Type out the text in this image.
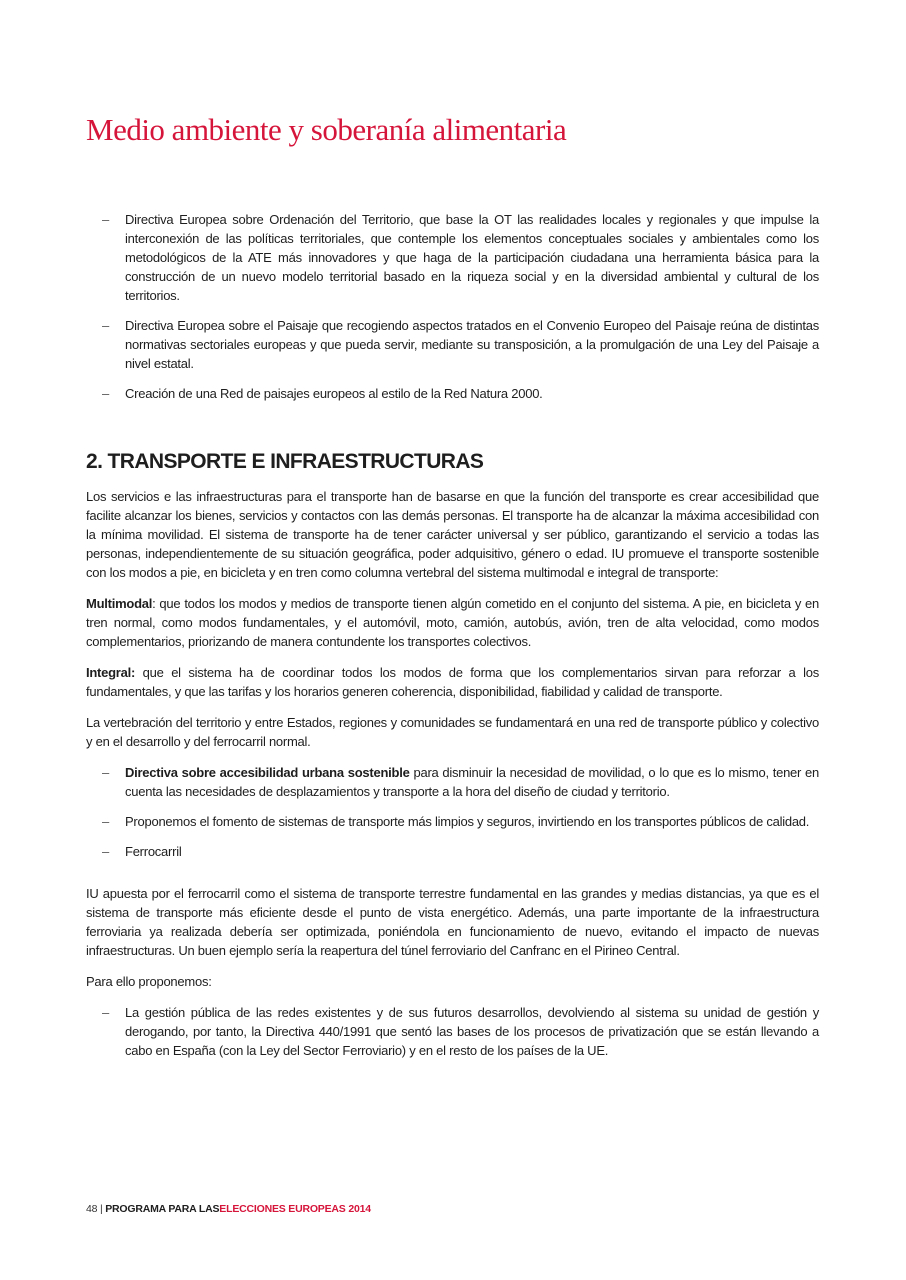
Medio ambiente y soberanía alimentaria
– Directiva Europea sobre Ordenación del Territorio, que base la OT las realidades locales y regionales y que impulse la interconexión de las políticas territoriales, que contemple los elementos conceptuales sociales y ambientales como los metodológicos de la ATE más innovadores y que haga de la participación ciudadana una herramienta básica para la construcción de un nuevo modelo territorial basado en la riqueza social y en la diversidad ambiental y cultural de los territorios.
– Directiva Europea sobre el Paisaje que recogiendo aspectos tratados en el Convenio Europeo del Paisaje reúna de distintas normativas sectoriales europeas y que pueda servir, mediante su transposición, a la promulgación de una Ley del Paisaje a nivel estatal.
– Creación de una Red de paisajes europeos al estilo de la Red Natura 2000.
2. TRANSPORTE E INFRAESTRUCTURAS

Los servicios e las infraestructuras para el transporte han de basarse en que la función del transporte es crear accesibilidad que facilite alcanzar los bienes, servicios y contactos con las demás personas. El transporte ha de alcanzar la máxima accesibilidad con la mínima movilidad. El sistema de transporte ha de tener carácter universal y ser público, garantizando el servicio a todas las personas, independientemente de su situación geográfica, poder adquisitivo, género o edad. IU promueve el transporte sostenible con los modos a pie, en bicicleta y en tren como columna vertebral del sistema multimodal e integral de transporte:

Multimodal: que todos los modos y medios de transporte tienen algún cometido en el conjunto del sistema. A pie, en bicicleta y en tren normal, como modos fundamentales, y el automóvil, moto, camión, autobús, avión, tren de alta velocidad, como modos complementarios, priorizando de manera contundente los transportes colectivos.

Integral: que el sistema ha de coordinar todos los modos de forma que los complementarios sirvan para reforzar a los fundamentales, y que las tarifas y los horarios generen coherencia, disponibilidad, fiabilidad y calidad de transporte.

La vertebración del territorio y entre Estados, regiones y comunidades se fundamentará en una red de transporte público y colectivo y en el desarrollo y del ferrocarril normal.

– Directiva sobre accesibilidad urbana sostenible para disminuir la necesidad de movilidad, o lo que es lo mismo, tener en cuenta las necesidades de desplazamientos y transporte a la hora del diseño de ciudad y territorio.
– Proponemos el fomento de sistemas de transporte más limpios y seguros, invirtiendo en los transportes públicos de calidad.
– Ferrocarril

IU apuesta por el ferrocarril como el sistema de transporte terrestre fundamental en las grandes y medias distancias, ya que es el sistema de transporte más eficiente desde el punto de vista energético. Además, una parte importante de la infraestructura ferroviaria ya realizada debería ser optimizada, poniéndola en funcionamiento de nuevo, evitando el impacto de nuevas infraestructuras. Un buen ejemplo sería la reapertura del túnel ferroviario del Canfranc en el Pirineo Central.

Para ello proponemos:

– La gestión pública de las redes existentes y de sus futuros desarrollos, devolviendo al sistema su unidad de gestión y derogando, por tanto, la Directiva 440/1991 que sentó las bases de los procesos de privatización que se están llevando a cabo en España (con la Ley del Sector Ferroviario) y en el resto de los países de la UE.
48 | PROGRAMA PARA LASELECCIONES EUROPEAS 2014
